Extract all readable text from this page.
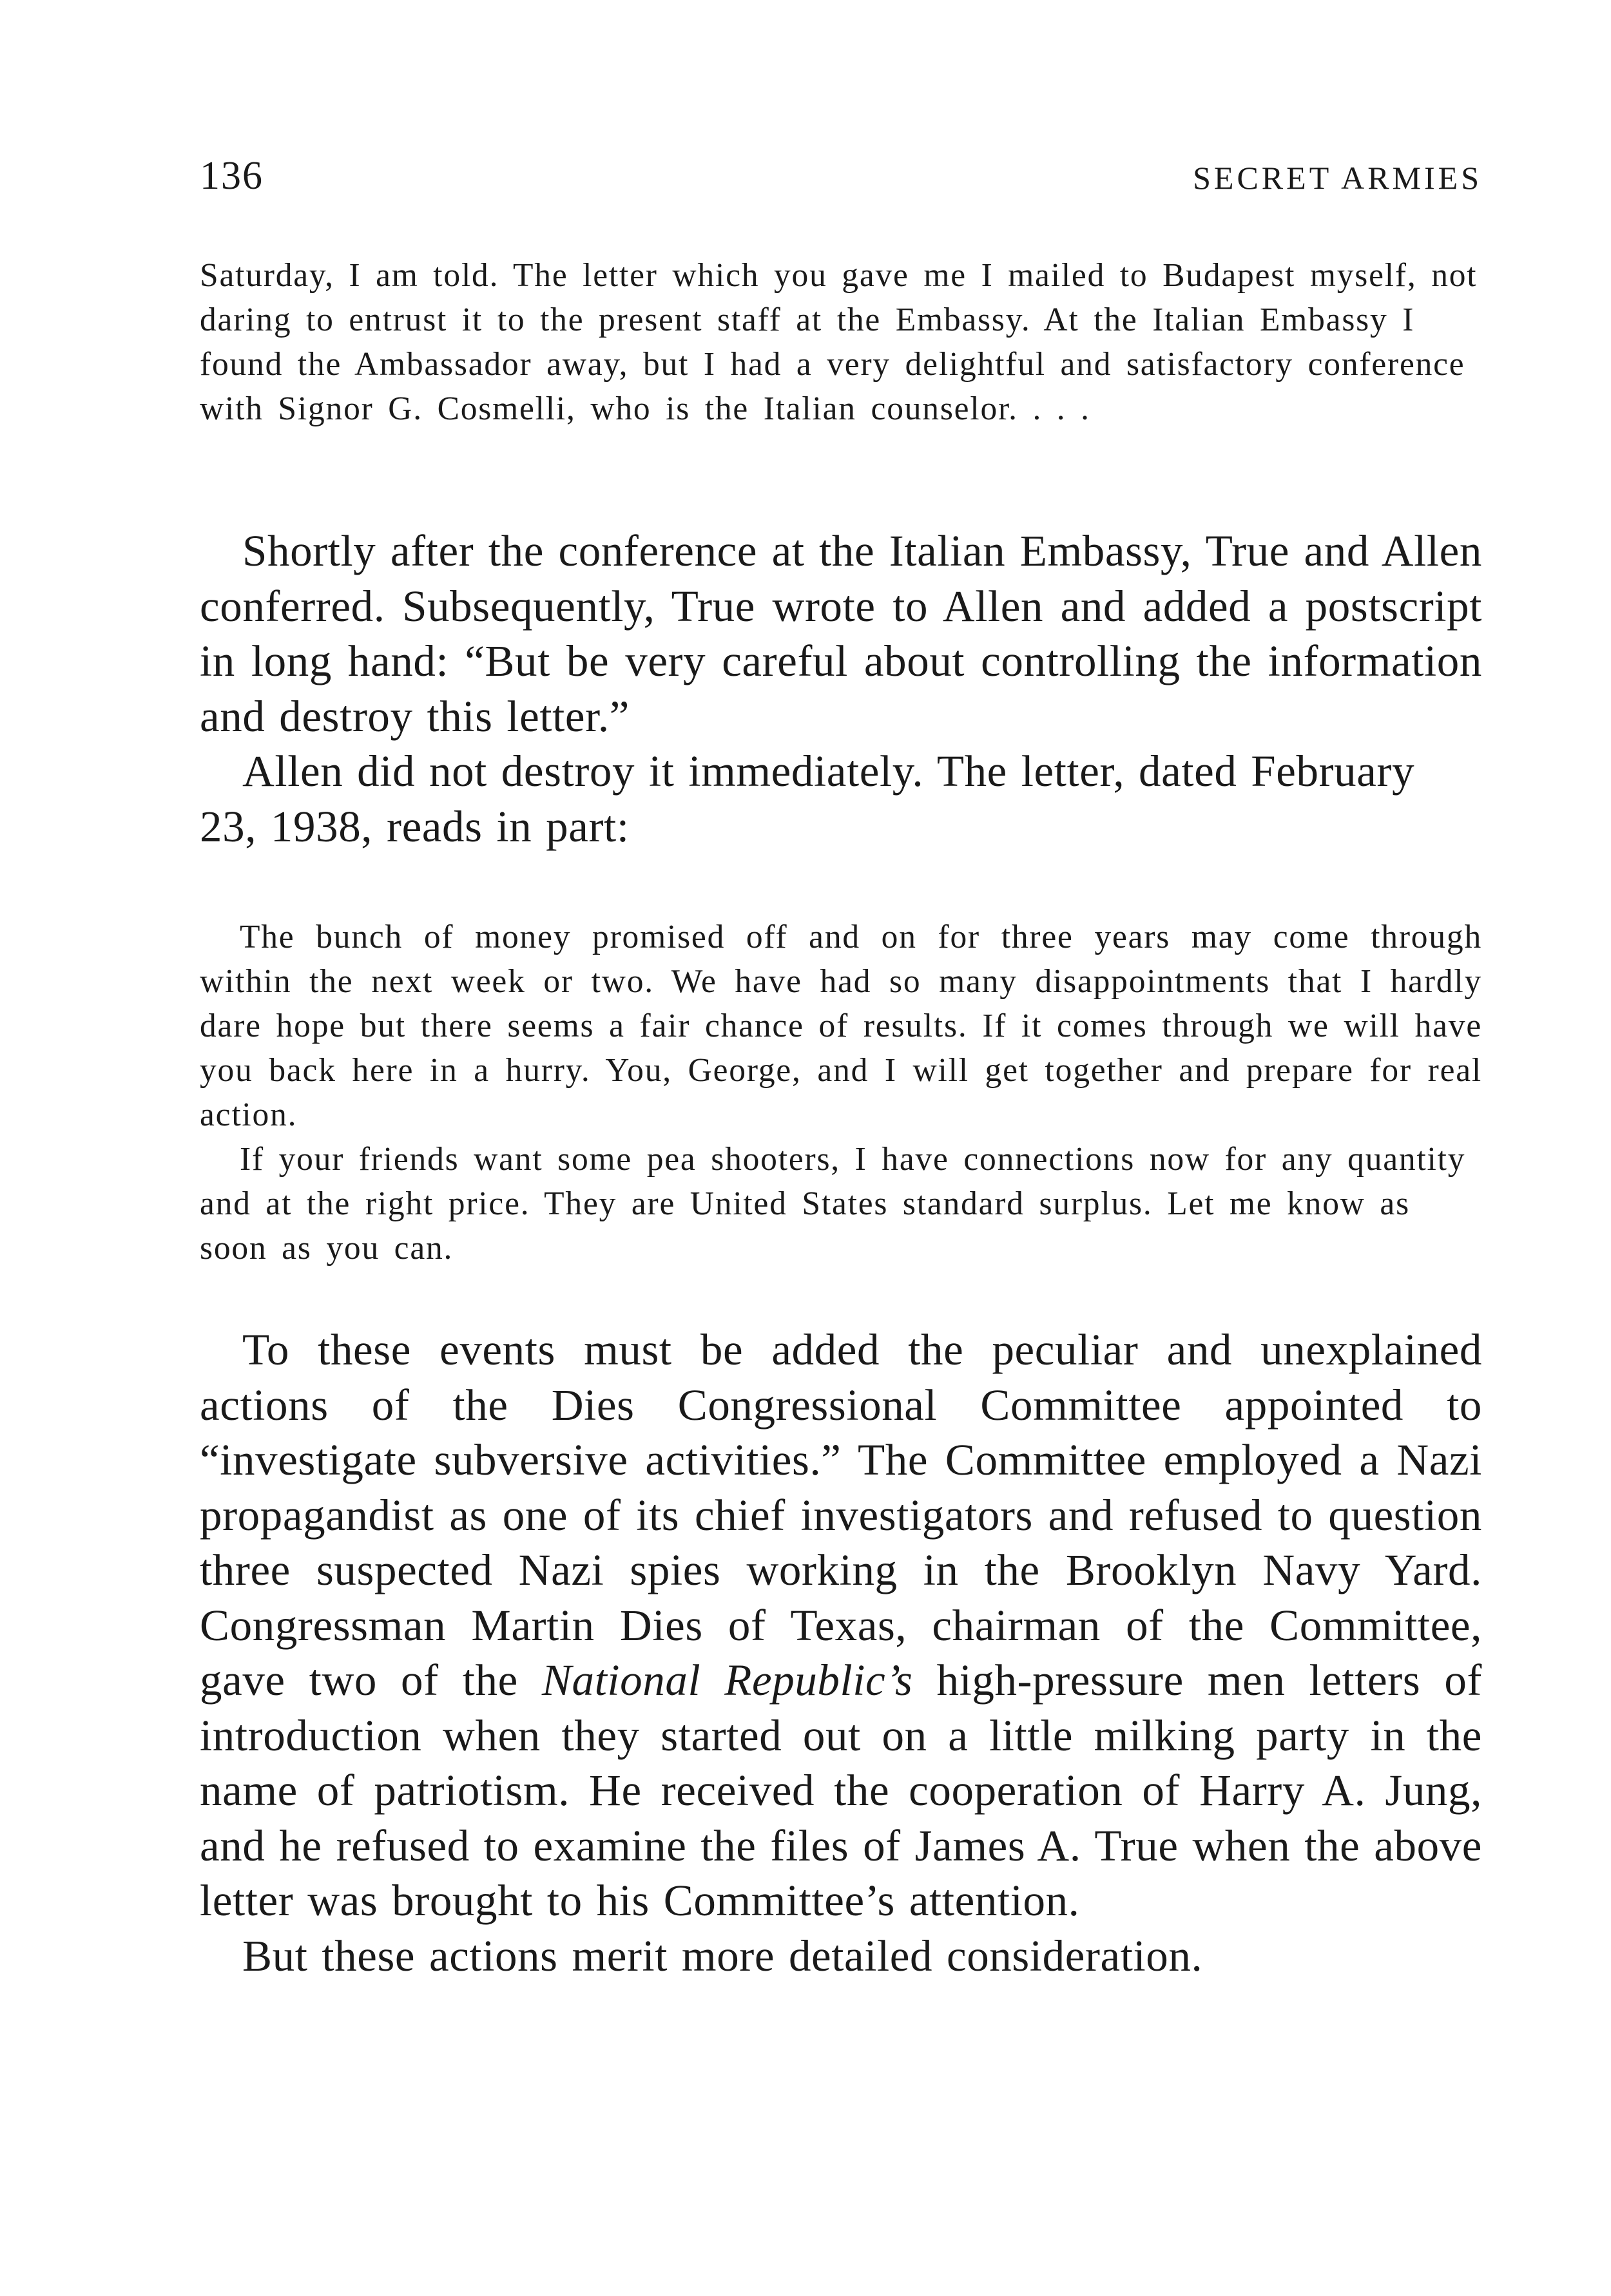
136	SECRET ARMIES

Saturday, I am told. The letter which you gave me I mailed to Budapest myself, not daring to entrust it to the present staff at the Embassy. At the Italian Embassy I found the Ambassador away, but I had a very delightful and satisfactory conference with Signor G. Cosmelli, who is the Italian counselor. . . .

Shortly after the conference at the Italian Embassy, True and Allen conferred. Subsequently, True wrote to Allen and added a postscript in long hand: “But be very careful about controlling the information and destroy this letter.”

Allen did not destroy it immediately. The letter, dated February 23, 1938, reads in part:

The bunch of money promised off and on for three years may come through within the next week or two. We have had so many disappointments that I hardly dare hope but there seems a fair chance of results. If it comes through we will have you back here in a hurry. You, George, and I will get together and prepare for real action.

If your friends want some pea shooters, I have connections now for any quantity and at the right price. They are United States standard surplus. Let me know as soon as you can.

To these events must be added the peculiar and unexplained actions of the Dies Congressional Committee appointed to “investigate subversive activities.” The Committee employed a Nazi propagandist as one of its chief investigators and refused to question three suspected Nazi spies working in the Brooklyn Navy Yard. Congressman Martin Dies of Texas, chairman of the Committee, gave two of the National Republic’s high-pressure men letters of introduction when they started out on a little milking party in the name of patriotism. He received the cooperation of Harry A. Jung, and he refused to examine the files of James A. True when the above letter was brought to his Committee’s attention.

But these actions merit more detailed consideration.
